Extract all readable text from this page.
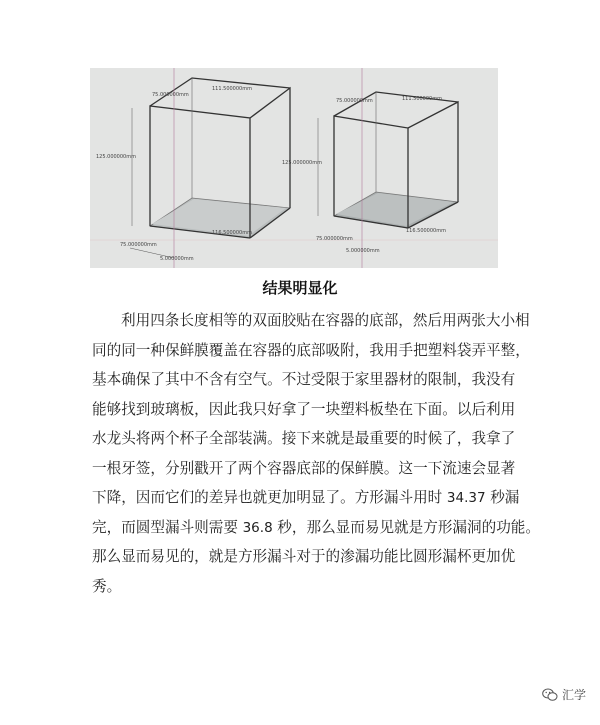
75.000000mm
111.500000mm
125.000000mm
75.000000mm
116.500000mm
5.000000mm
75.000000mm	111.500000mm
125.000000mm
75.000000mm
116.500000mm
5.000000mm
结果明显化
利用四条长度相等的双面胶贴在容器的底部，然后用两张大小相
同的同一种保鲜膜覆盖在容器的底部吸附，我用手把塑料袋弄平整，
基本确保了其中不含有空气。不过受限于家里器材的限制，我没有
能够找到玻璃板，因此我只好拿了一块塑料板垫在下面。以后利用
水龙头将两个杯子全部装满。接下来就是最重要的时候了，我拿了
一根牙签，分别戳开了两个容器底部的保鲜膜。这一下流速会显著
下降，因而它们的差异也就更加明显了。方形漏斗用时 34.37 秒漏
完，而圆型漏斗则需要 36.8 秒，那么显而易见就是方形漏洞的功能。
那么显而易见的，就是方形漏斗对于的渗漏功能比圆形漏杯更加优
秀。
汇学
